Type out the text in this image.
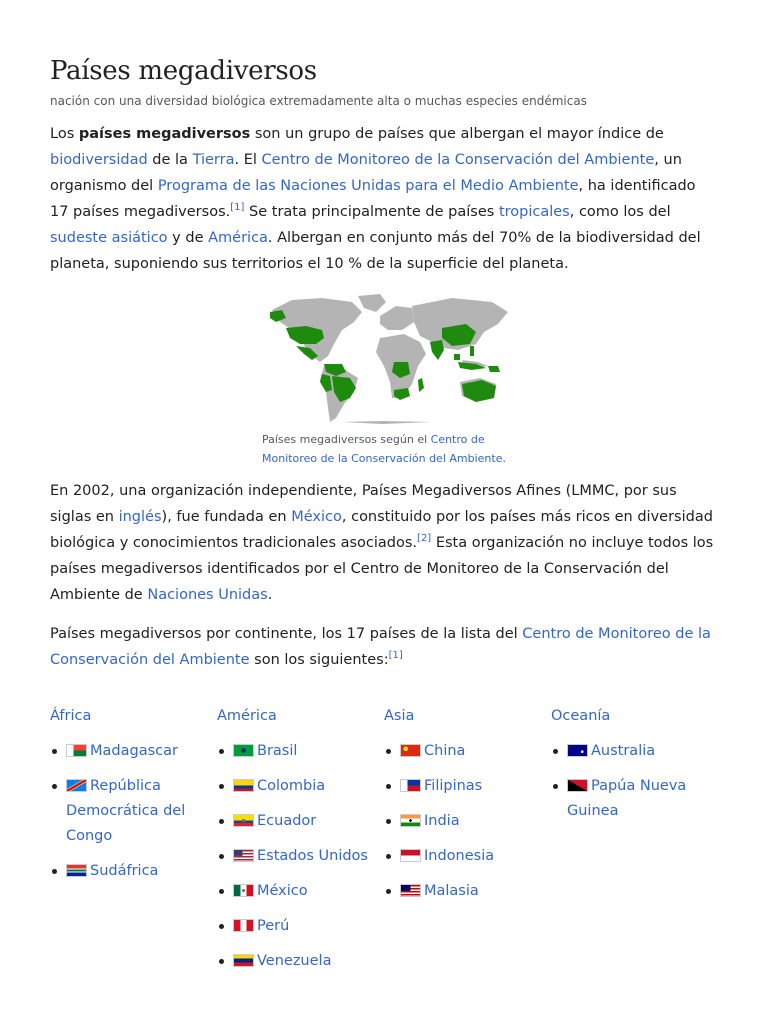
Países megadiversos
nación con una diversidad biológica extremadamente alta o muchas especies endémicas

Los países megadiversos son un grupo de países que albergan el mayor índice de biodiversidad de la Tierra. El Centro de Monitoreo de la Conservación del Ambiente, un organismo del Programa de las Naciones Unidas para el Medio Ambiente, ha identificado 17 países megadiversos.[1] Se trata principalmente de países tropicales, como los del sudeste asiático y de América. Albergan en conjunto más del 70% de la biodiversidad del planeta, suponiendo sus territorios el 10 % de la superficie del planeta.

Países megadiversos según el Centro de Monitoreo de la Conservación del Ambiente.

En 2002, una organización independiente, Países Megadiversos Afines (LMMC, por sus siglas en inglés), fue fundada en México, constituido por los países más ricos en diversidad biológica y conocimientos tradicionales asociados.[2] Esta organización no incluye todos los países megadiversos identificados por el Centro de Monitoreo de la Conservación del Ambiente de Naciones Unidas.

Países megadiversos por continente, los 17 países de la lista del Centro de Monitoreo de la Conservación del Ambiente son los siguientes:[1]

África
Madagascar
República Democrática del Congo
Sudáfrica
América
Brasil
Colombia
Ecuador
Estados Unidos
México
Perú
Venezuela
Asia
China
Filipinas
India
Indonesia
Malasia
Oceanía
Australia
Papúa Nueva Guinea
